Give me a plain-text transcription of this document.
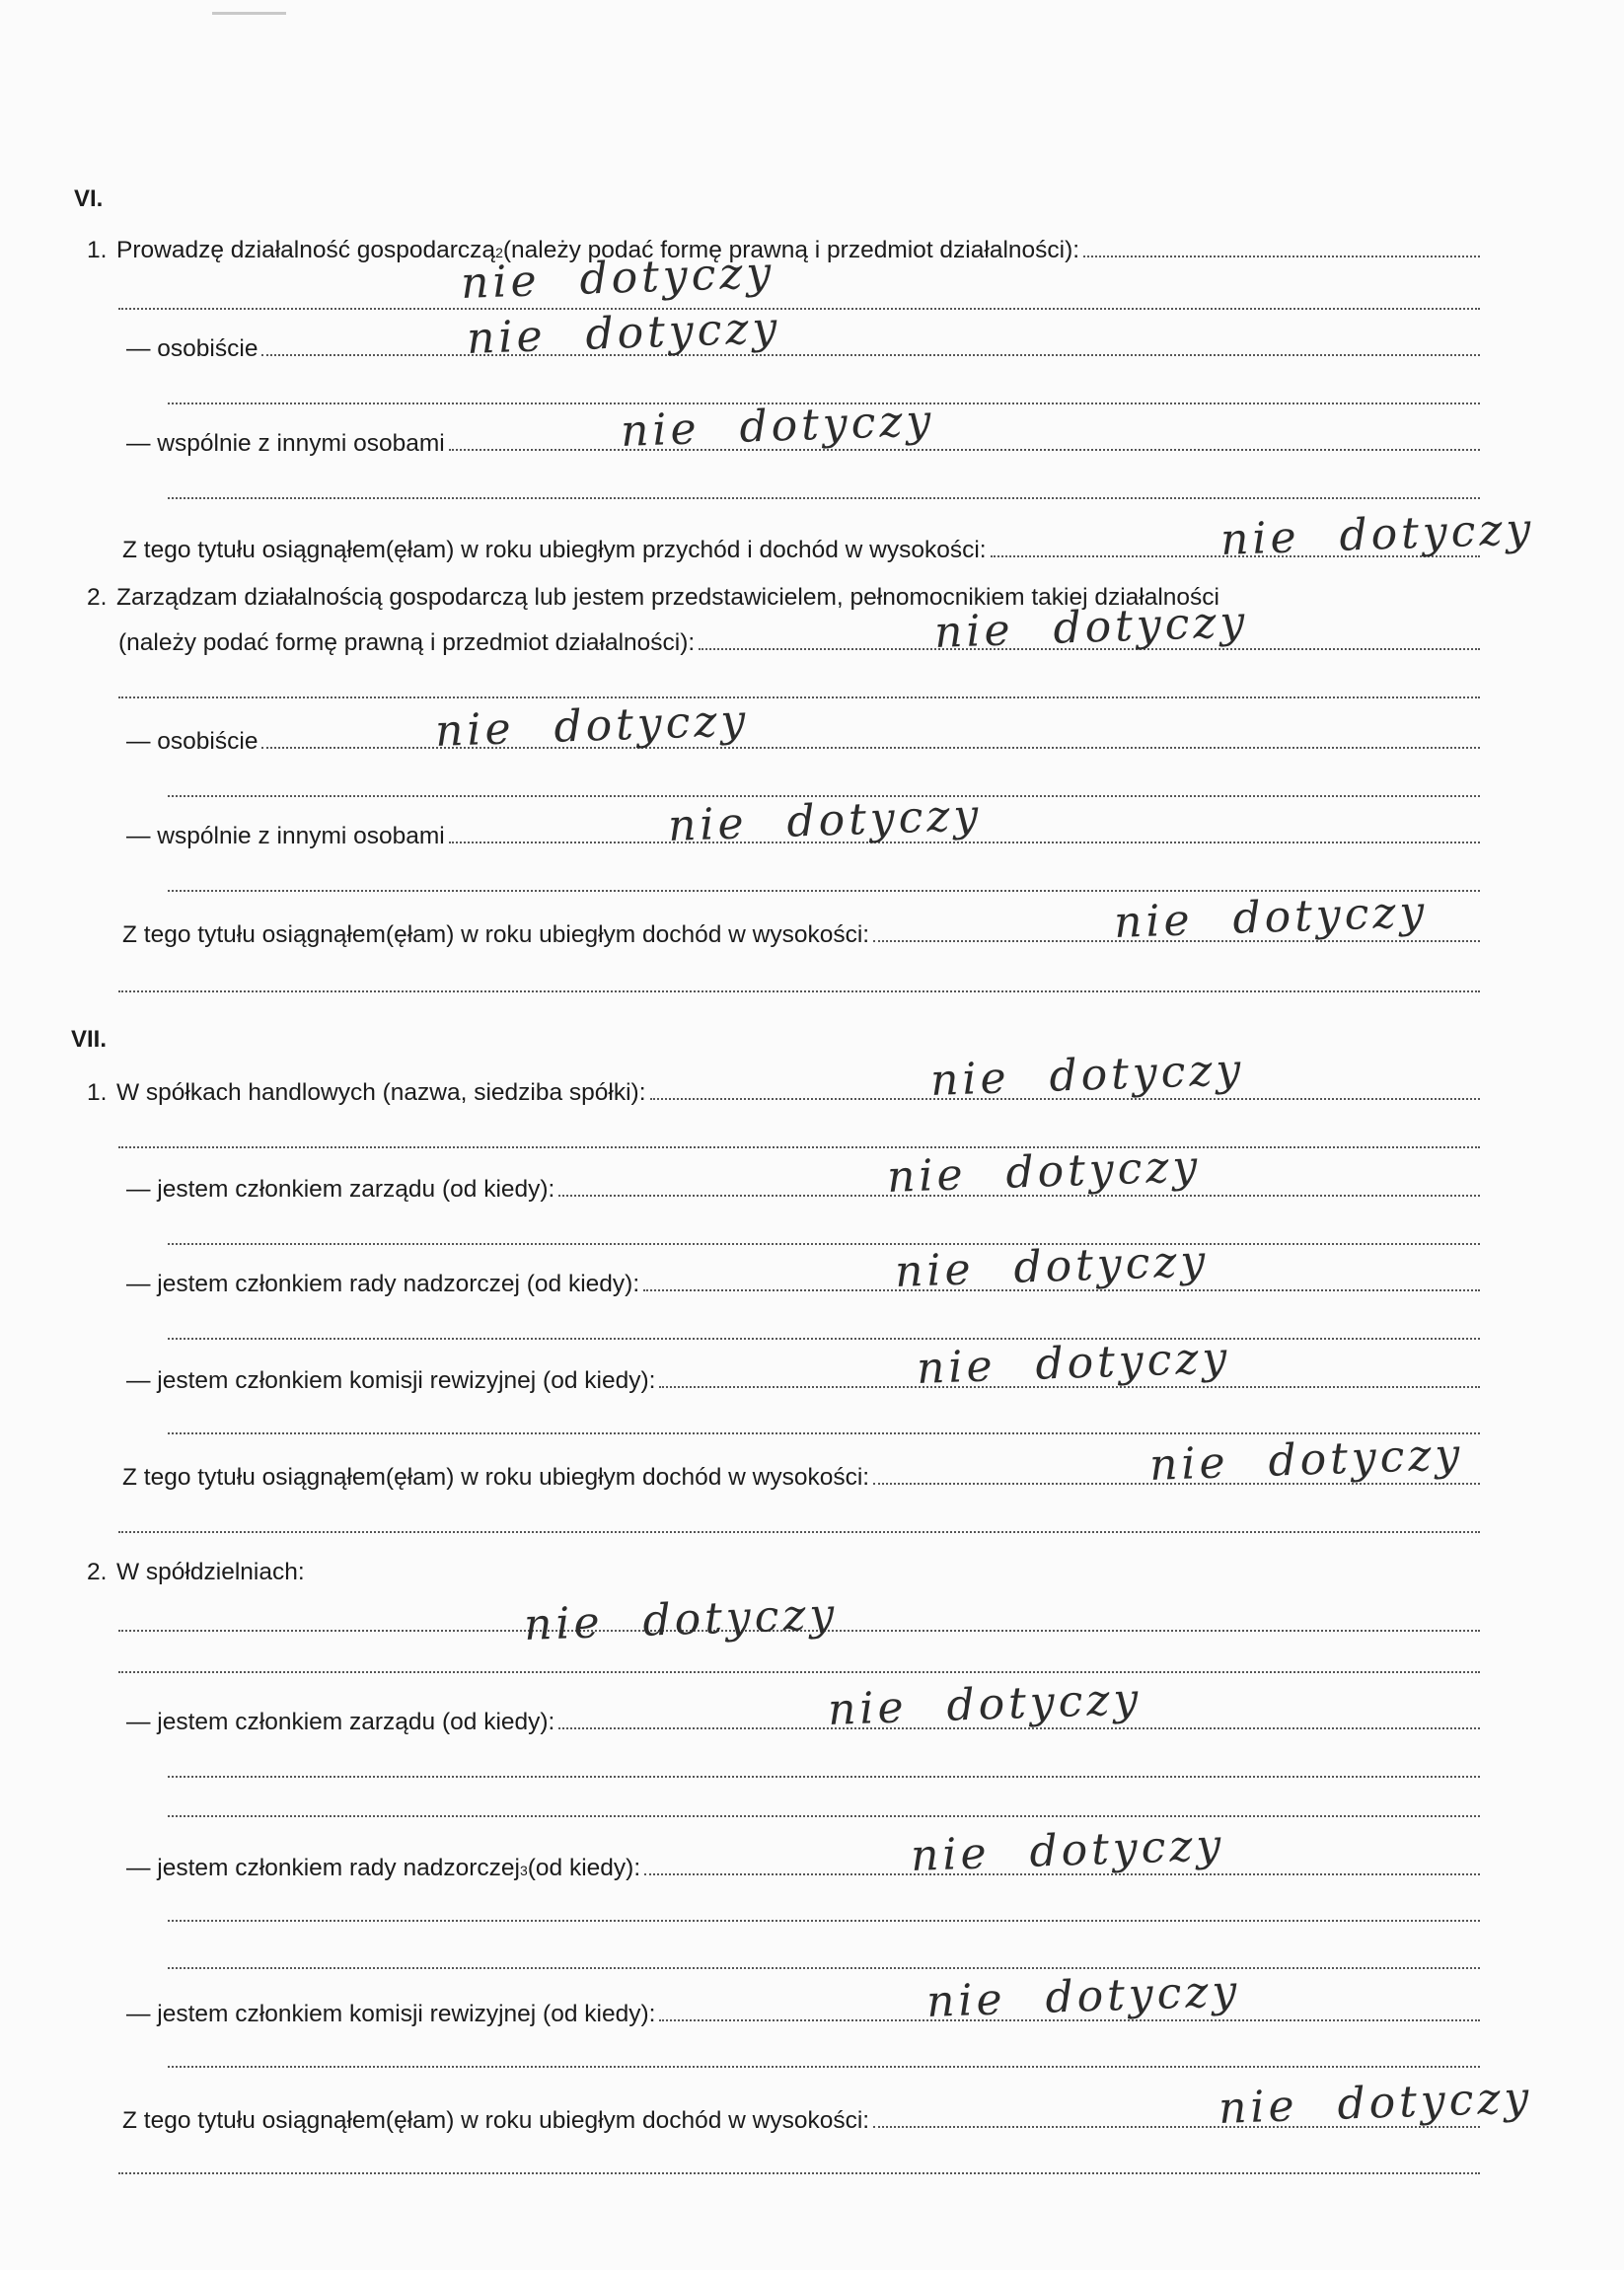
VI.
1. Prowadzę działalność gospodarczą 2 (należy podać formę prawną i przedmiot działalności):
nie dotyczy
— osobiście	nie dotyczy
— wspólnie z innymi osobami	nie dotyczy
Z tego tytułu osiągnąłem(ęłam) w roku ubiegłym przychód i dochód w wysokości:	nie dotyczy
2. Zarządzam działalnością gospodarczą lub jestem przedstawicielem, pełnomocnikiem takiej działalności
(należy podać formę prawną i przedmiot działalności):	nie dotyczy
— osobiście	nie dotyczy
— wspólnie z innymi osobami	nie dotyczy
Z tego tytułu osiągnąłem(ęłam) w roku ubiegłym dochód w wysokości:	nie dotyczy
VII.
1. W spółkach handlowych (nazwa, siedziba spółki):	nie dotyczy
— jestem członkiem zarządu (od kiedy):	nie dotyczy
— jestem członkiem rady nadzorczej (od kiedy):	nie dotyczy
— jestem członkiem komisji rewizyjnej (od kiedy):	nie dotyczy
Z tego tytułu osiągnąłem(ęłam) w roku ubiegłym dochód w wysokości:	nie dotyczy
2. W spółdzielniach:
nie dotyczy
— jestem członkiem zarządu (od kiedy):	nie dotyczy
— jestem członkiem rady nadzorczej 3 (od kiedy):	nie dotyczy
— jestem członkiem komisji rewizyjnej (od kiedy):	nie dotyczy
Z tego tytułu osiągnąłem(ęłam) w roku ubiegłym dochód w wysokości:	nie dotyczy
